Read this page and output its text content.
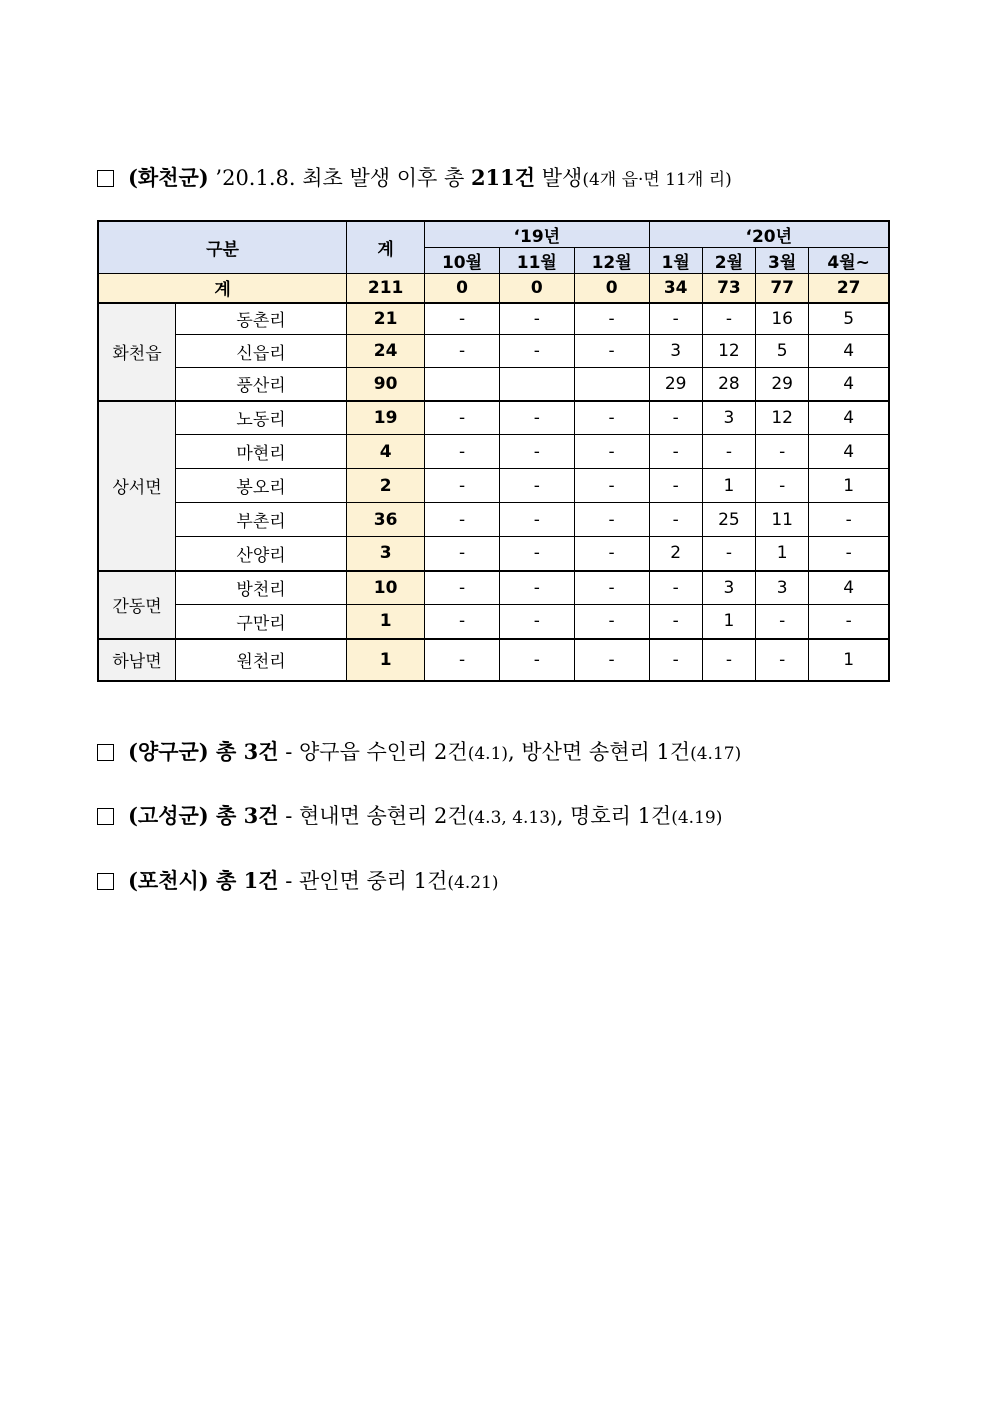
(화천군) ’20.1.8. 최초 발생 이후 총 211건 발생(4개 읍·면 11개 리)
구분		계	‘19년			‘20년			
			10월	11월	12월	1월	2월	3월	4월~
계		211	0	0	0	34	73	77	27
화천읍	동촌리	21	-	-	-	-	-	16	5
	신읍리	24	-	-	-	3	12	5	4
	풍산리	90				29	28	29	4
상서면	노동리	19	-	-	-	-	3	12	4
	마현리	4	-	-	-	-	-	-	4
	봉오리	2	-	-	-	-	1	-	1
	부촌리	36	-	-	-	-	25	11	-
	산양리	3	-	-	-	2	-	1	-
간동면	방천리	10	-	-	-	-	3	3	4
	구만리	1	-	-	-	-	1	-	-
하남면	원천리	1	-	-	-	-	-	-	1
(양구군) 총 3건 - 양구읍 수인리 2건(4.1), 방산면 송현리 1건(4.17)
(고성군) 총 3건 - 현내면 송현리 2건(4.3, 4.13), 명호리 1건(4.19)
(포천시) 총 1건 - 관인면 중리 1건(4.21)
